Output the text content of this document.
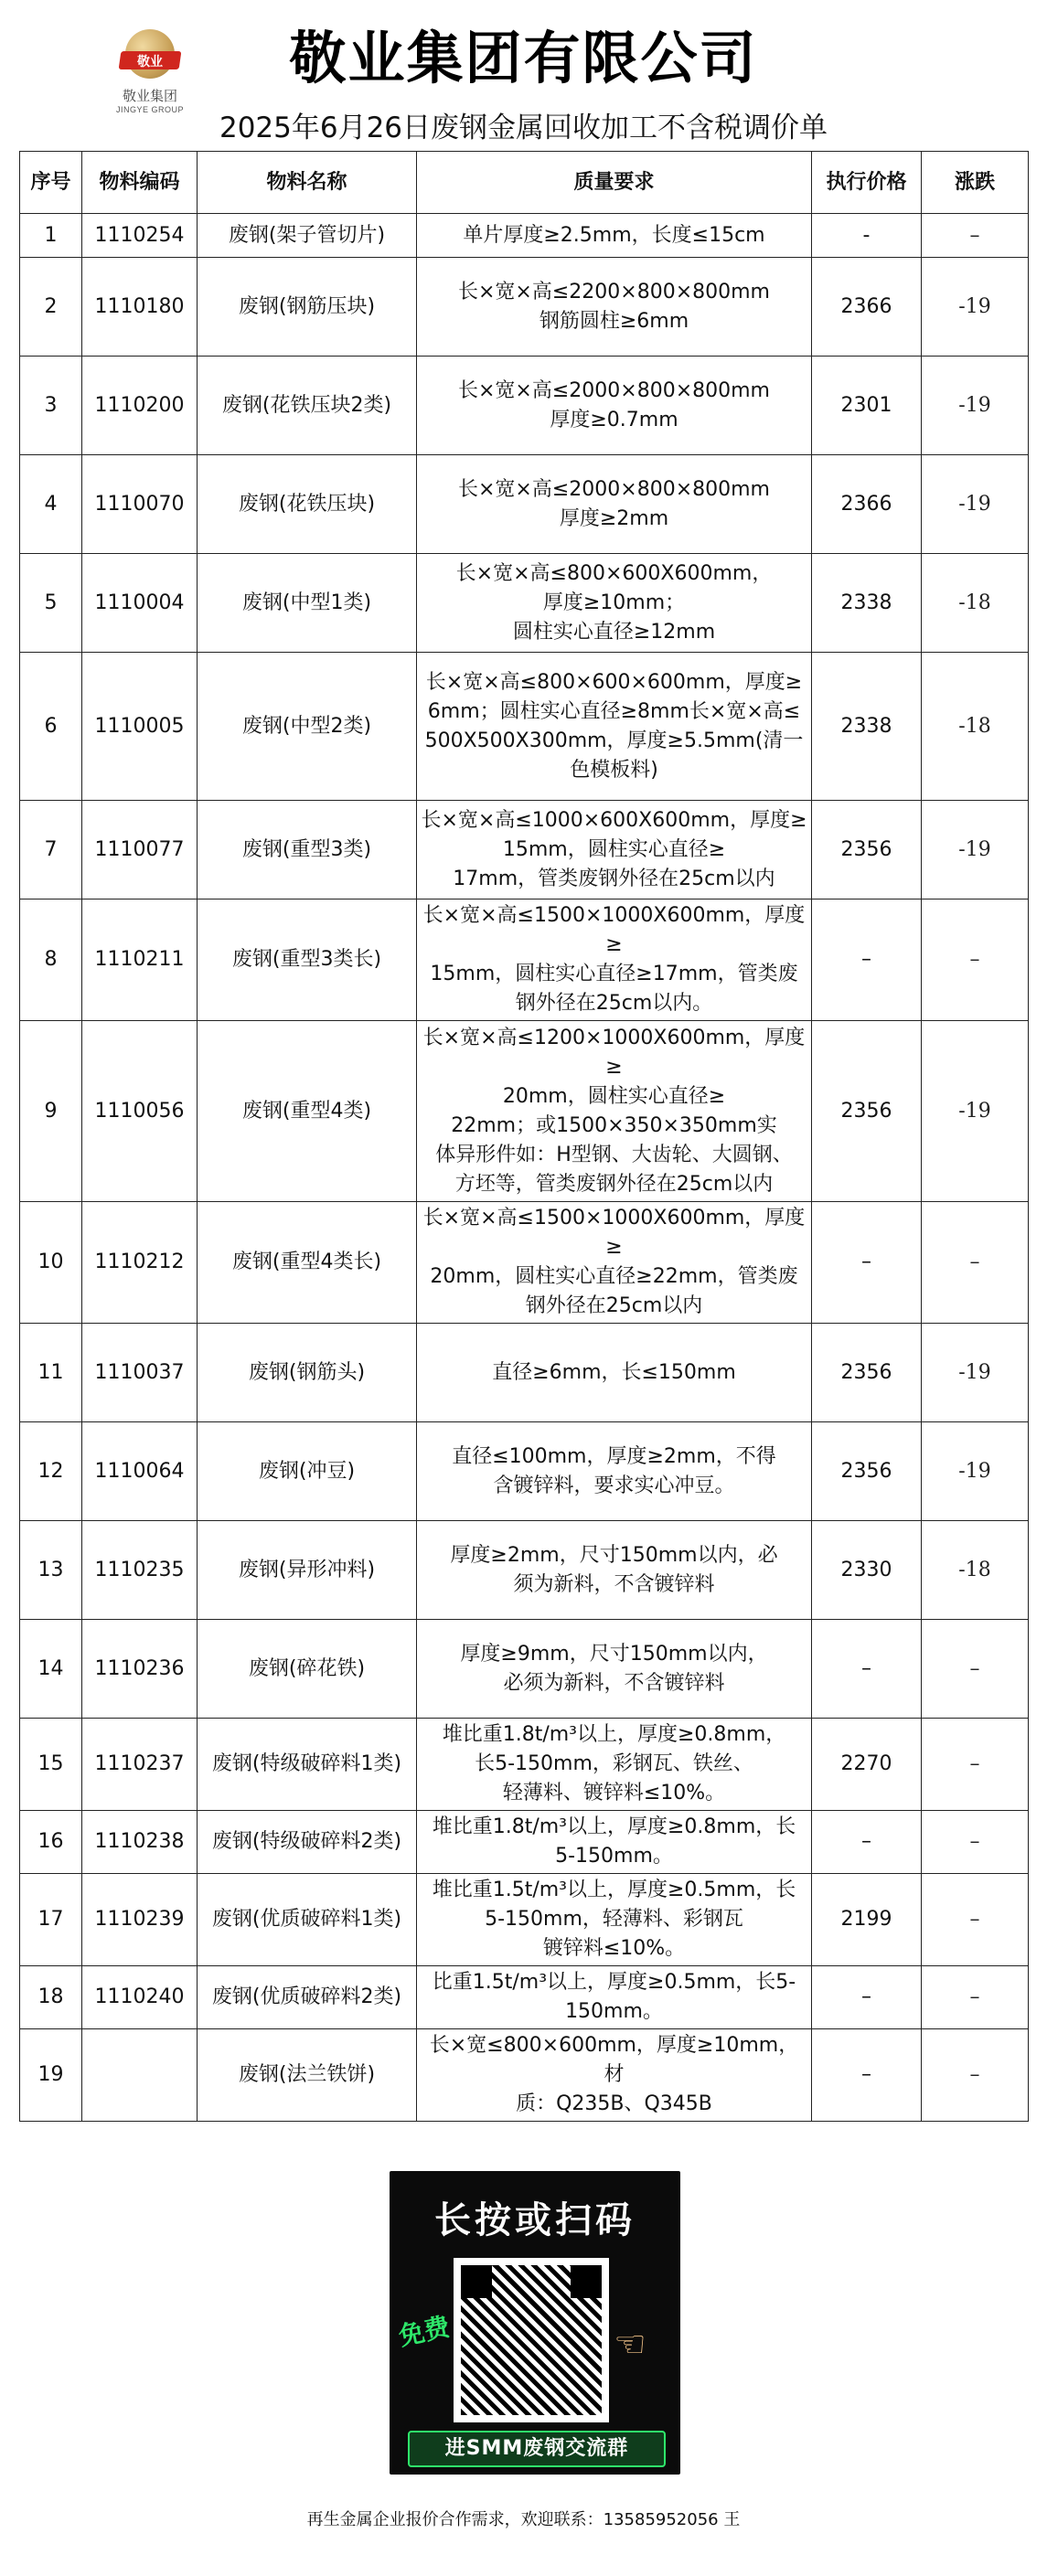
敬业
敬业集团
JINGYE GROUP
敬业集团有限公司
2025年6月26日废钢金属回收加工不含税调价单
序号	物料编码	物料名称	质量要求	执行价格	涨跌
1	1110254	废钢(架子管切片)	单片厚度≥2.5mm，长度≤15cm	-	–
2	1110180	废钢(钢筋压块)	长×宽×高≤2200×800×800mm
钢筋圆柱≥6mm	2366	-19
3	1110200	废钢(花铁压块2类)	长×宽×高≤2000×800×800mm
厚度≥0.7mm	2301	-19
4	1110070	废钢(花铁压块)	长×宽×高≤2000×800×800mm
厚度≥2mm	2366	-19
5	1110004	废钢(中型1类)	长×宽×高≤800×600X600mm，
厚度≥10mm；
圆柱实心直径≥12mm	2338	-18
6	1110005	废钢(中型2类)	长×宽×高≤800×600×600mm，厚度≥
6mm；圆柱实心直径≥8mm长×宽×高≤
500X500X300mm，厚度≥5.5mm(清一
色模板料)	2338	-18
7	1110077	废钢(重型3类)	长×宽×高≤1000×600X600mm，厚度≥
15mm，圆柱实心直径≥
17mm，管类废钢外径在25cm以内	2356	-19
8	1110211	废钢(重型3类长)	长×宽×高≤1500×1000X600mm，厚度≥
15mm，圆柱实心直径≥17mm，管类废
钢外径在25cm以内。	–	–
9	1110056	废钢(重型4类)	长×宽×高≤1200×1000X600mm，厚度≥
20mm，圆柱实心直径≥
22mm；或1500×350×350mm实
体异形件如：H型钢、大齿轮、大圆钢、
方坯等，管类废钢外径在25cm以内	2356	-19
10	1110212	废钢(重型4类长)	长×宽×高≤1500×1000X600mm，厚度≥
20mm，圆柱实心直径≥22mm，管类废
钢外径在25cm以内	–	–
11	1110037	废钢(钢筋头)	直径≥6mm，长≤150mm	2356	-19
12	1110064	废钢(冲豆)	直径≤100mm，厚度≥2mm，不得
含镀锌料，要求实心冲豆。	2356	-19
13	1110235	废钢(异形冲料)	厚度≥2mm，尺寸150mm以内，必
须为新料，不含镀锌料	2330	-18
14	1110236	废钢(碎花铁)	厚度≥9mm，尺寸150mm以内，
必须为新料，不含镀锌料	–	–
15	1110237	废钢(特级破碎料1类)	堆比重1.8t/m³以上，厚度≥0.8mm，
长5-150mm，彩钢瓦、铁丝、
轻薄料、镀锌料≤10%。	2270	–
16	1110238	废钢(特级破碎料2类)	堆比重1.8t/m³以上，厚度≥0.8mm，长
5-150mm。	–	–
17	1110239	废钢(优质破碎料1类)	堆比重1.5t/m³以上，厚度≥0.5mm，长
5-150mm，轻薄料、彩钢瓦
镀锌料≤10%。	2199	–
18	1110240	废钢(优质破碎料2类)	比重1.5t/m³以上，厚度≥0.5mm，长5-
150mm。	–	–
19		废钢(法兰铁饼)	长×宽≤800×600mm，厚度≥10mm，材
质：Q235B、Q345B	–	–
长按或扫码
免费	☜
进SMM废钢交流群
再生金属企业报价合作需求，欢迎联系：13585952056 王
